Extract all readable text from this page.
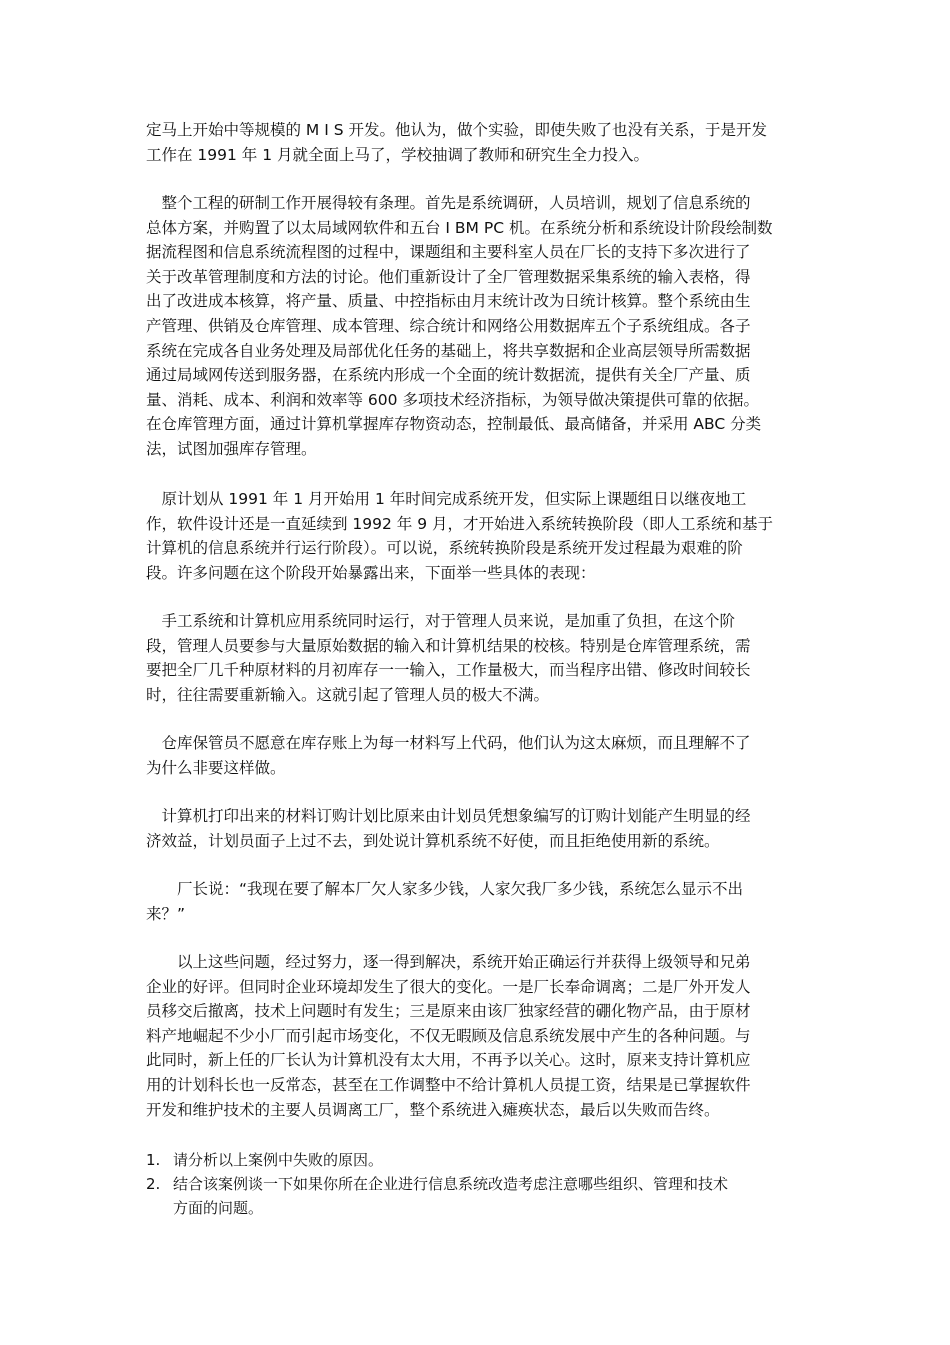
定马上开始中等规模的 M I S 开发。他认为，做个实验，即使失败了也没有关系，于是开发
工作在 1991 年 1 月就全面上马了，学校抽调了教师和研究生全力投入。
　整个工程的研制工作开展得较有条理。首先是系统调研，人员培训，规划了信息系统的
总体方案，并购置了以太局域网软件和五台 I BM PC 机。在系统分析和系统设计阶段绘制数
据流程图和信息系统流程图的过程中，课题组和主要科室人员在厂长的支持下多次进行了
关于改革管理制度和方法的讨论。他们重新设计了全厂管理数据采集系统的输入表格，得
出了改进成本核算，将产量、质量、中控指标由月末统计改为日统计核算。整个系统由生
产管理、供销及仓库管理、成本管理、综合统计和网络公用数据库五个子系统组成。各子
系统在完成各自业务处理及局部优化任务的基础上，将共享数据和企业高层领导所需数据
通过局域网传送到服务器，在系统内形成一个全面的统计数据流，提供有关全厂产量、质
量、消耗、成本、利润和效率等 600 多项技术经济指标，为领导做决策提供可靠的依据。
在仓库管理方面，通过计算机掌握库存物资动态，控制最低、最高储备，并采用 ABC 分类
法，试图加强库存管理。
　原计划从 1991 年 1 月开始用 1 年时间完成系统开发，但实际上课题组日以继夜地工
作，软件设计还是一直延续到 1992 年 9 月，才开始进入系统转换阶段（即人工系统和基于
计算机的信息系统并行运行阶段）。可以说，系统转换阶段是系统开发过程最为艰难的阶
段。许多问题在这个阶段开始暴露出来，下面举一些具体的表现：
　手工系统和计算机应用系统同时运行，对于管理人员来说，是加重了负担，在这个阶
段，管理人员要参与大量原始数据的输入和计算机结果的校核。特别是仓库管理系统，需
要把全厂几千种原材料的月初库存一一输入，工作量极大，而当程序出错、修改时间较长
时，往往需要重新输入。这就引起了管理人员的极大不满。
　仓库保管员不愿意在库存账上为每一材料写上代码，他们认为这太麻烦，而且理解不了
为什么非要这样做。
　计算机打印出来的材料订购计划比原来由计划员凭想象编写的订购计划能产生明显的经
济效益，计划员面子上过不去，到处说计算机系统不好使，而且拒绝使用新的系统。
　　厂长说：“我现在要了解本厂欠人家多少钱，人家欠我厂多少钱，系统怎么显示不出
来？”
　　以上这些问题，经过努力，逐一得到解决，系统开始正确运行并获得上级领导和兄弟
企业的好评。但同时企业环境却发生了很大的变化。一是厂长奉命调离；二是厂外开发人
员移交后撤离，技术上问题时有发生；三是原来由该厂独家经营的硼化物产品，由于原材
料产地崛起不少小厂而引起市场变化，不仅无暇顾及信息系统发展中产生的各种问题。与
此同时，新上任的厂长认为计算机没有太大用，不再予以关心。这时，原来支持计算机应
用的计划科长也一反常态，甚至在工作调整中不给计算机人员提工资，结果是已掌握软件
开发和维护技术的主要人员调离工厂，整个系统进入瘫痪状态，最后以失败而告终。
1. 请分析以上案例中失败的原因。
2. 结合该案例谈一下如果你所在企业进行信息系统改造考虑注意哪些组织、管理和技术
方面的问题。
